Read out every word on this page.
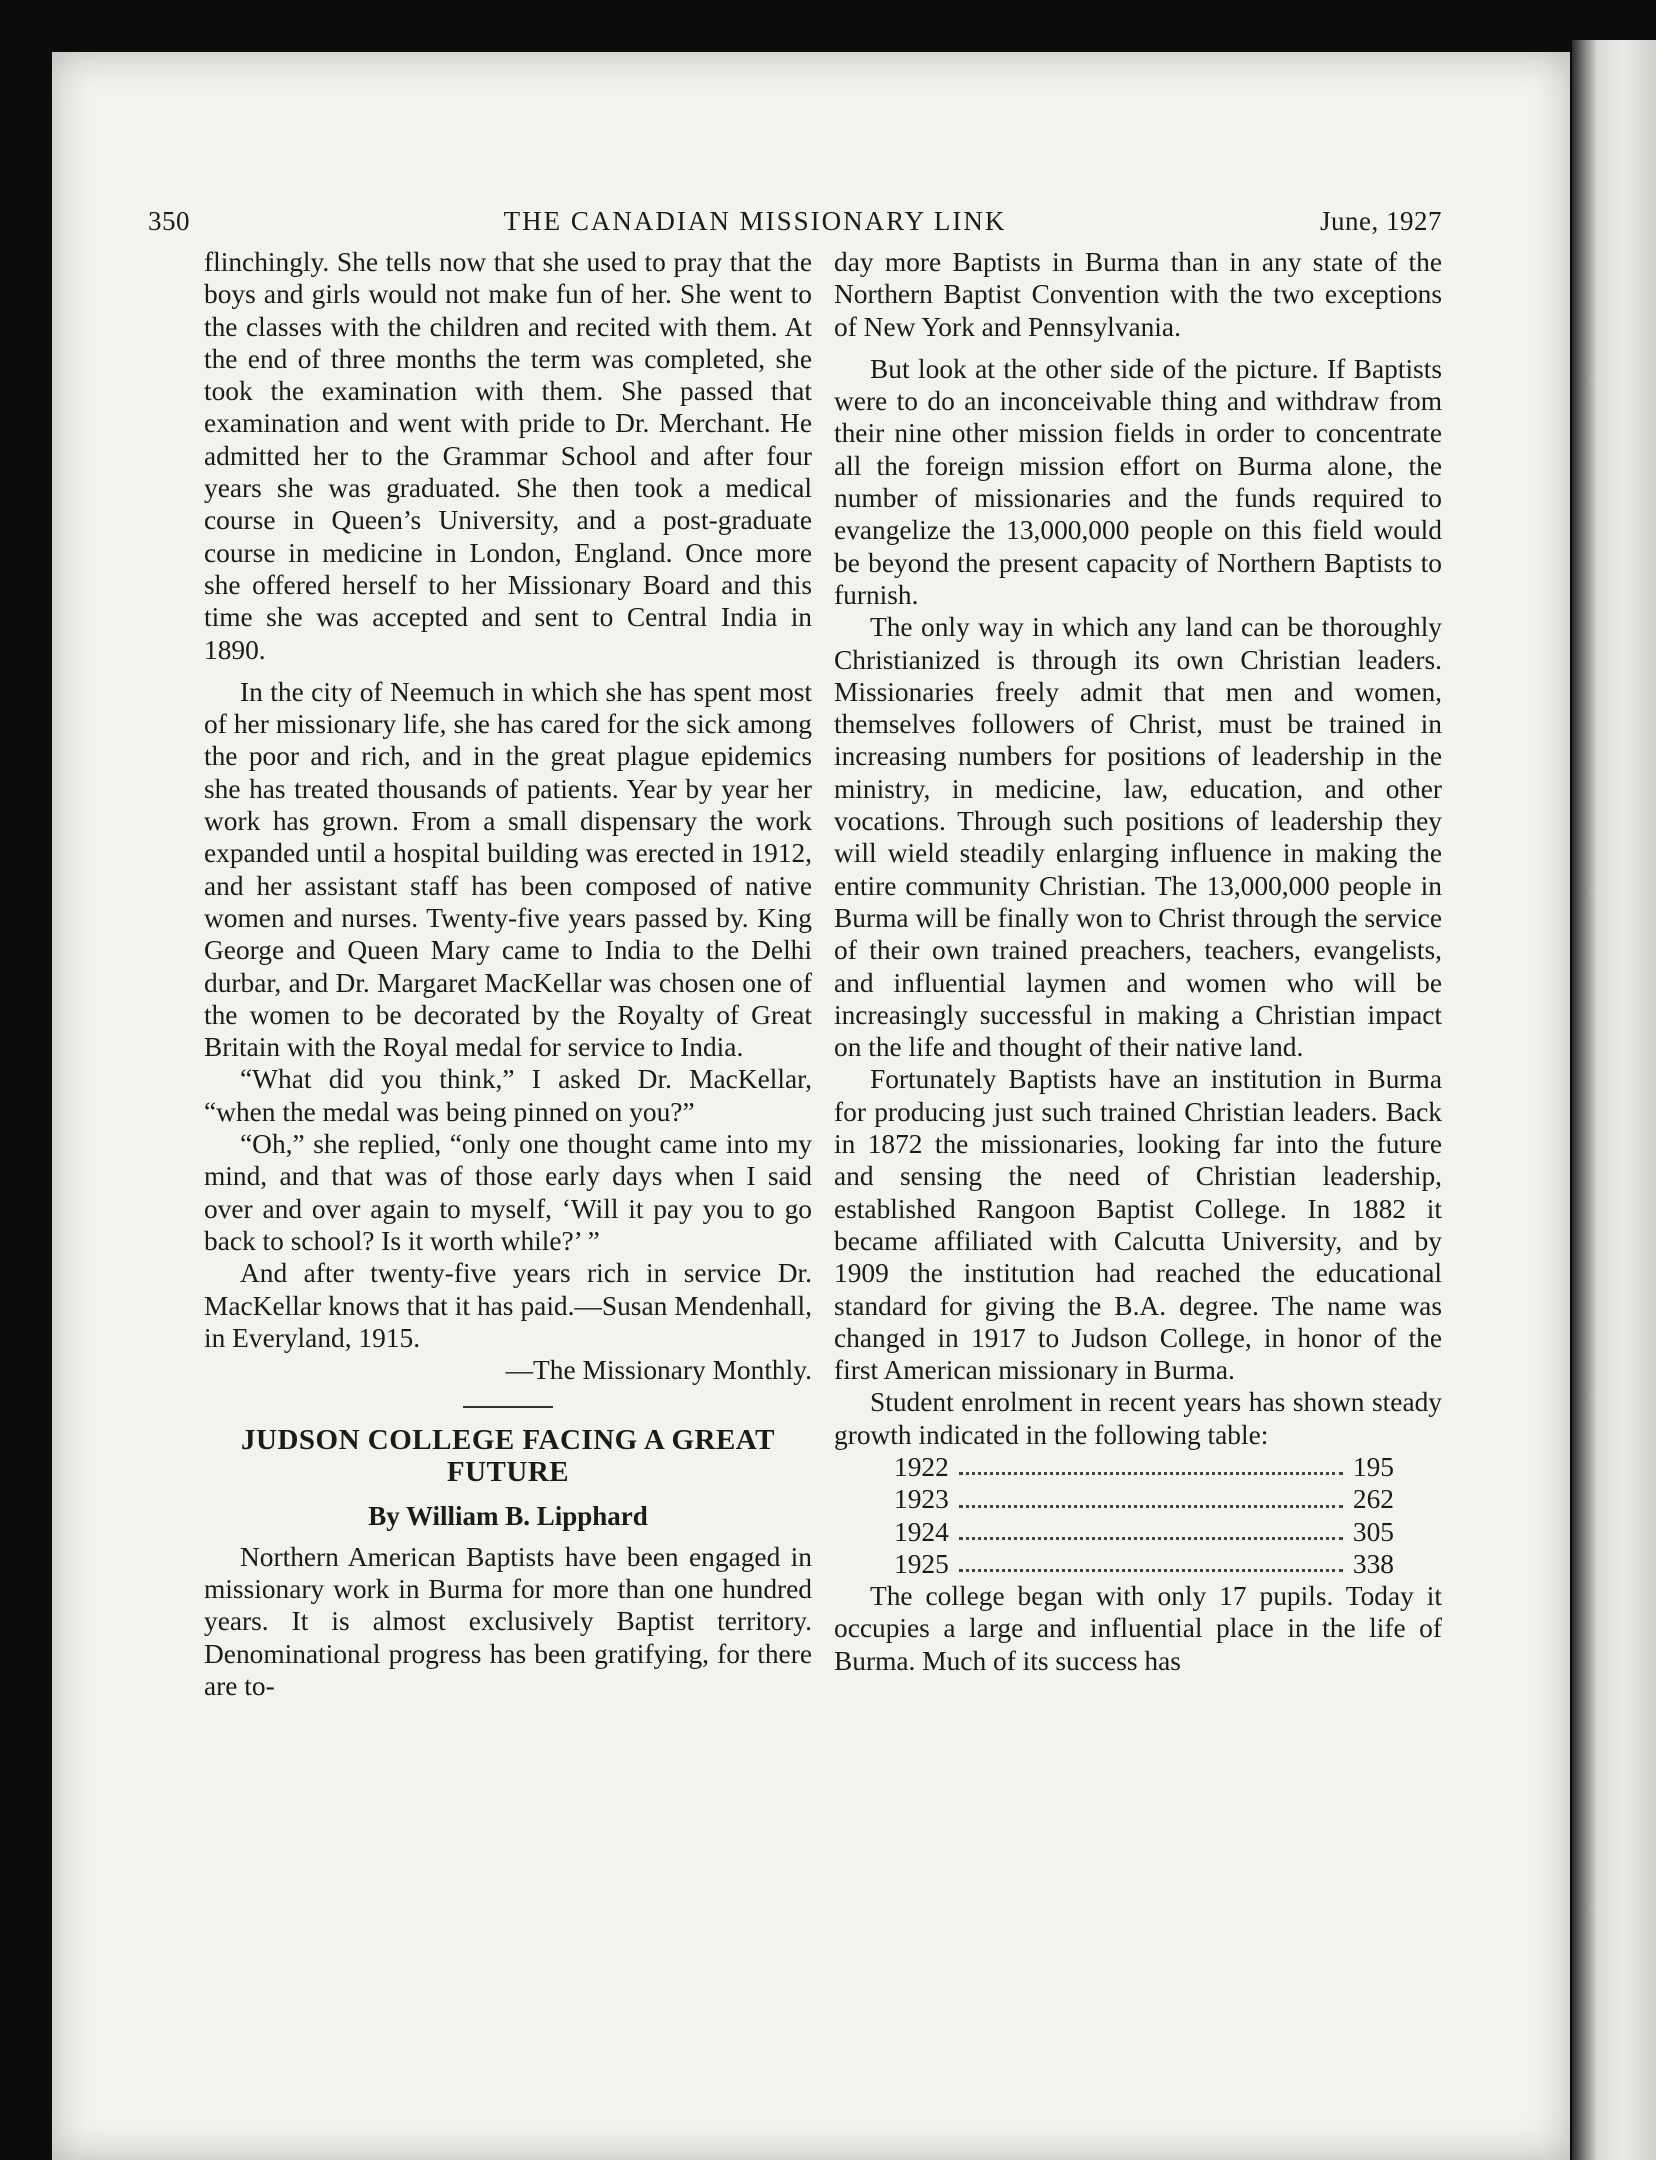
350	THE CANADIAN MISSIONARY LINK	June, 1927

flinchingly. She tells now that she used to pray that the boys and girls would not make fun of her. She went to the classes with the children and recited with them. At the end of three months the term was completed, she took the examination with them. She passed that examination and went with pride to Dr. Merchant. He admitted her to the Grammar School and after four years she was graduated. She then took a medical course in Queen’s University, and a post-graduate course in medicine in London, England. Once more she offered herself to her Missionary Board and this time she was accepted and sent to Central India in 1890.

In the city of Neemuch in which she has spent most of her missionary life, she has cared for the sick among the poor and rich, and in the great plague epidemics she has treated thousands of patients. Year by year her work has grown. From a small dispensary the work expanded until a hospital building was erected in 1912, and her assistant staff has been composed of native women and nurses. Twenty-five years passed by. King George and Queen Mary came to India to the Delhi durbar, and Dr. Margaret MacKellar was chosen one of the women to be decorated by the Royalty of Great Britain with the Royal medal for service to India.

“What did you think,” I asked Dr. MacKellar, “when the medal was being pinned on you?”

“Oh,” she replied, “only one thought came into my mind, and that was of those early days when I said over and over again to myself, ‘Will it pay you to go back to school? Is it worth while?’ ”

And after twenty-five years rich in service Dr. MacKellar knows that it has paid.—Susan Mendenhall, in Everyland, 1915.

—The Missionary Monthly.

JUDSON COLLEGE FACING A GREAT FUTURE
By William B. Lipphard

Northern American Baptists have been engaged in missionary work in Burma for more than one hundred years. It is almost exclusively Baptist territory. Denominational progress has been gratifying, for there are to-

day more Baptists in Burma than in any state of the Northern Baptist Convention with the two exceptions of New York and Pennsylvania.

But look at the other side of the picture. If Baptists were to do an inconceivable thing and withdraw from their nine other mission fields in order to concentrate all the foreign mission effort on Burma alone, the number of missionaries and the funds required to evangelize the 13,000,000 people on this field would be beyond the present capacity of Northern Baptists to furnish.

The only way in which any land can be thoroughly Christianized is through its own Christian leaders. Missionaries freely admit that men and women, themselves followers of Christ, must be trained in increasing numbers for positions of leadership in the ministry, in medicine, law, education, and other vocations. Through such positions of leadership they will wield steadily enlarging influence in making the entire community Christian. The 13,000,000 people in Burma will be finally won to Christ through the service of their own trained preachers, teachers, evangelists, and influential laymen and women who will be increasingly successful in making a Christian impact on the life and thought of their native land.

Fortunately Baptists have an institution in Burma for producing just such trained Christian leaders. Back in 1872 the missionaries, looking far into the future and sensing the need of Christian leadership, established Rangoon Baptist College. In 1882 it became affiliated with Calcutta University, and by 1909 the institution had reached the educational standard for giving the B.A. degree. The name was changed in 1917 to Judson College, in honor of the first American missionary in Burma.

Student enrolment in recent years has shown steady growth indicated in the following table:

1922	195
1923	262
1924	305
1925	338

The college began with only 17 pupils. Today it occupies a large and influential place in the life of Burma. Much of its success has
